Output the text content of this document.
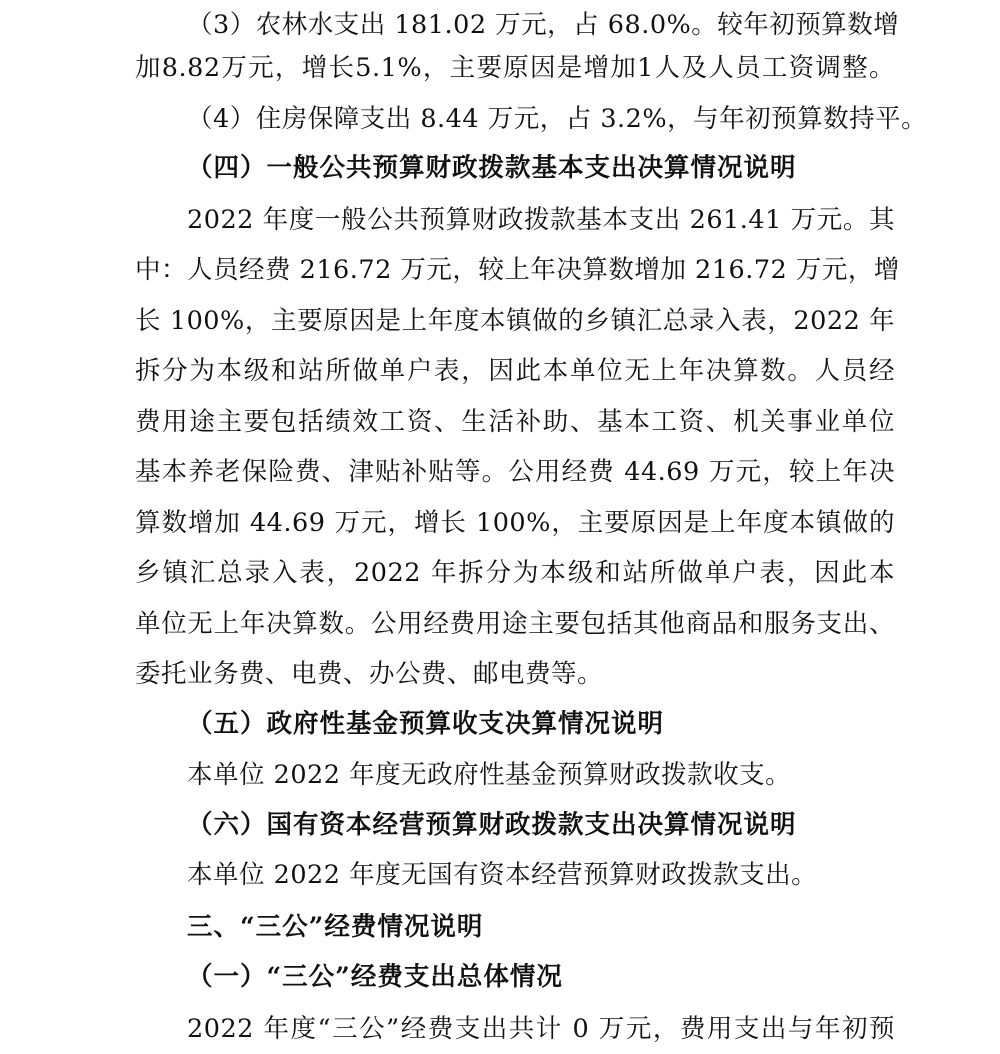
（3）农林水支出 181.02 万元，占 68.0%。较年初预算数增
加8.82万元，增长5.1%，主要原因是增加1人及人员工资调整。
（4）住房保障支出 8.44 万元，占 3.2%，与年初预算数持平。
（四）一般公共预算财政拨款基本支出决算情况说明
2022 年度一般公共预算财政拨款基本支出 261.41 万元。其
中：人员经费 216.72 万元，较上年决算数增加 216.72 万元，增
长 100%，主要原因是上年度本镇做的乡镇汇总录入表，2022 年
拆分为本级和站所做单户表，因此本单位无上年决算数。人员经
费用途主要包括绩效工资、生活补助、基本工资、机关事业单位
基本养老保险费、津贴补贴等。公用经费 44.69 万元，较上年决
算数增加 44.69 万元，增长 100%，主要原因是上年度本镇做的
乡镇汇总录入表，2022 年拆分为本级和站所做单户表，因此本
单位无上年决算数。公用经费用途主要包括其他商品和服务支出、
委托业务费、电费、办公费、邮电费等。
（五）政府性基金预算收支决算情况说明
本单位 2022 年度无政府性基金预算财政拨款收支。
（六）国有资本经营预算财政拨款支出决算情况说明
本单位 2022 年度无国有资本经营预算财政拨款支出。
三、“三公”经费情况说明
（一）“三公”经费支出总体情况
2022 年度“三公”经费支出共计 0 万元，费用支出与年初预
